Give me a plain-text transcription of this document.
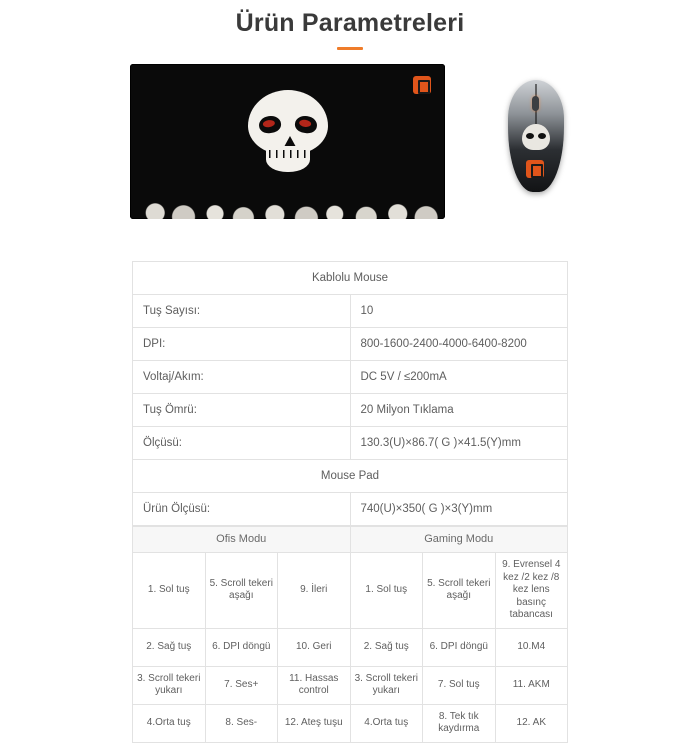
Ürün Parametreleri
Kablolu Mouse	
Tuş Sayısı:	10
DPI:	800-1600-2400-4000-6400-8200
Voltaj/Akım:	DC 5V / ≤200mA
Tuş Ömrü:	20 Milyon Tıklama
Ölçüsü:	130.3(U)×86.7( G )×41.5(Y)mm
Mouse Pad	
Ürün Ölçüsü:	740(U)×350( G )×3(Y)mm
Ofis Modu			Gaming Modu		
1. Sol tuş	5. Scroll tekeri aşağı	9. İleri	1. Sol tuş	5. Scroll tekeri aşağı	9. Evrensel 4 kez /2 kez /8 kez lens basınç tabancası
2. Sağ tuş	6. DPI döngü	10. Geri	2. Sağ tuş	6. DPI döngü	10.M4
3. Scroll tekeri yukarı	7. Ses+	11. Hassas control	3. Scroll tekeri yukarı	7. Sol tuş	11. AKM
4.Orta tuş	8. Ses-	12. Ateş tuşu	4.Orta tuş	8. Tek tık kaydırma	12. AK
